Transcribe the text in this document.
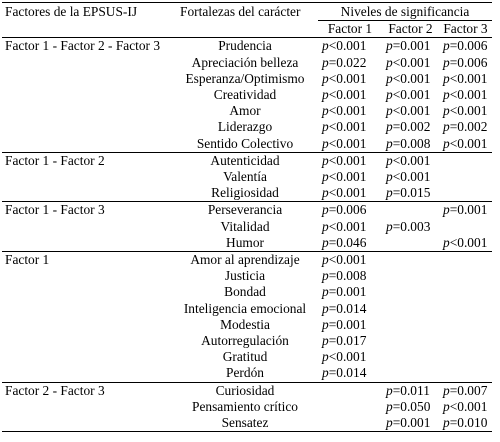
Factores de la EPSUS-IJ	Fortalezas del carácter	Niveles de significancia		
		Factor 1	Factor 2	Factor 3
Factor 1 - Factor 2 - Factor 3	Prudencia	p<0.001	p=0.001	p=0.006
	Apreciación belleza	p=0.022	p<0.001	p=0.006
	Esperanza/Optimismo	p<0.001	p<0.001	p<0.001
	Creatividad	p<0.001	p<0.001	p<0.001
	Amor	p<0.001	p<0.001	p<0.001
	Liderazgo	p<0.001	p=0.002	p=0.002
	Sentido Colectivo	p<0.001	p=0.008	p<0.001
Factor 1 - Factor 2	Autenticidad	p<0.001	p<0.001	
	Valentía	p<0.001	p<0.001	
	Religiosidad	p<0.001	p=0.015	
Factor 1 - Factor 3	Perseverancia	p=0.006		p=0.001
	Vitalidad	p<0.001	p=0.003	
	Humor	p=0.046		p<0.001
Factor 1	Amor al aprendizaje	p<0.001		
	Justicia	p=0.008		
	Bondad	p=0.001		
	Inteligencia emocional	p=0.014		
	Modestia	p=0.001		
	Autorregulación	p=0.017		
	Gratitud	p<0.001		
	Perdón	p=0.014		
Factor 2 - Factor 3	Curiosidad		p=0.011	p=0.007
	Pensamiento crítico		p=0.050	p<0.001
	Sensatez		p=0.001	p=0.010
